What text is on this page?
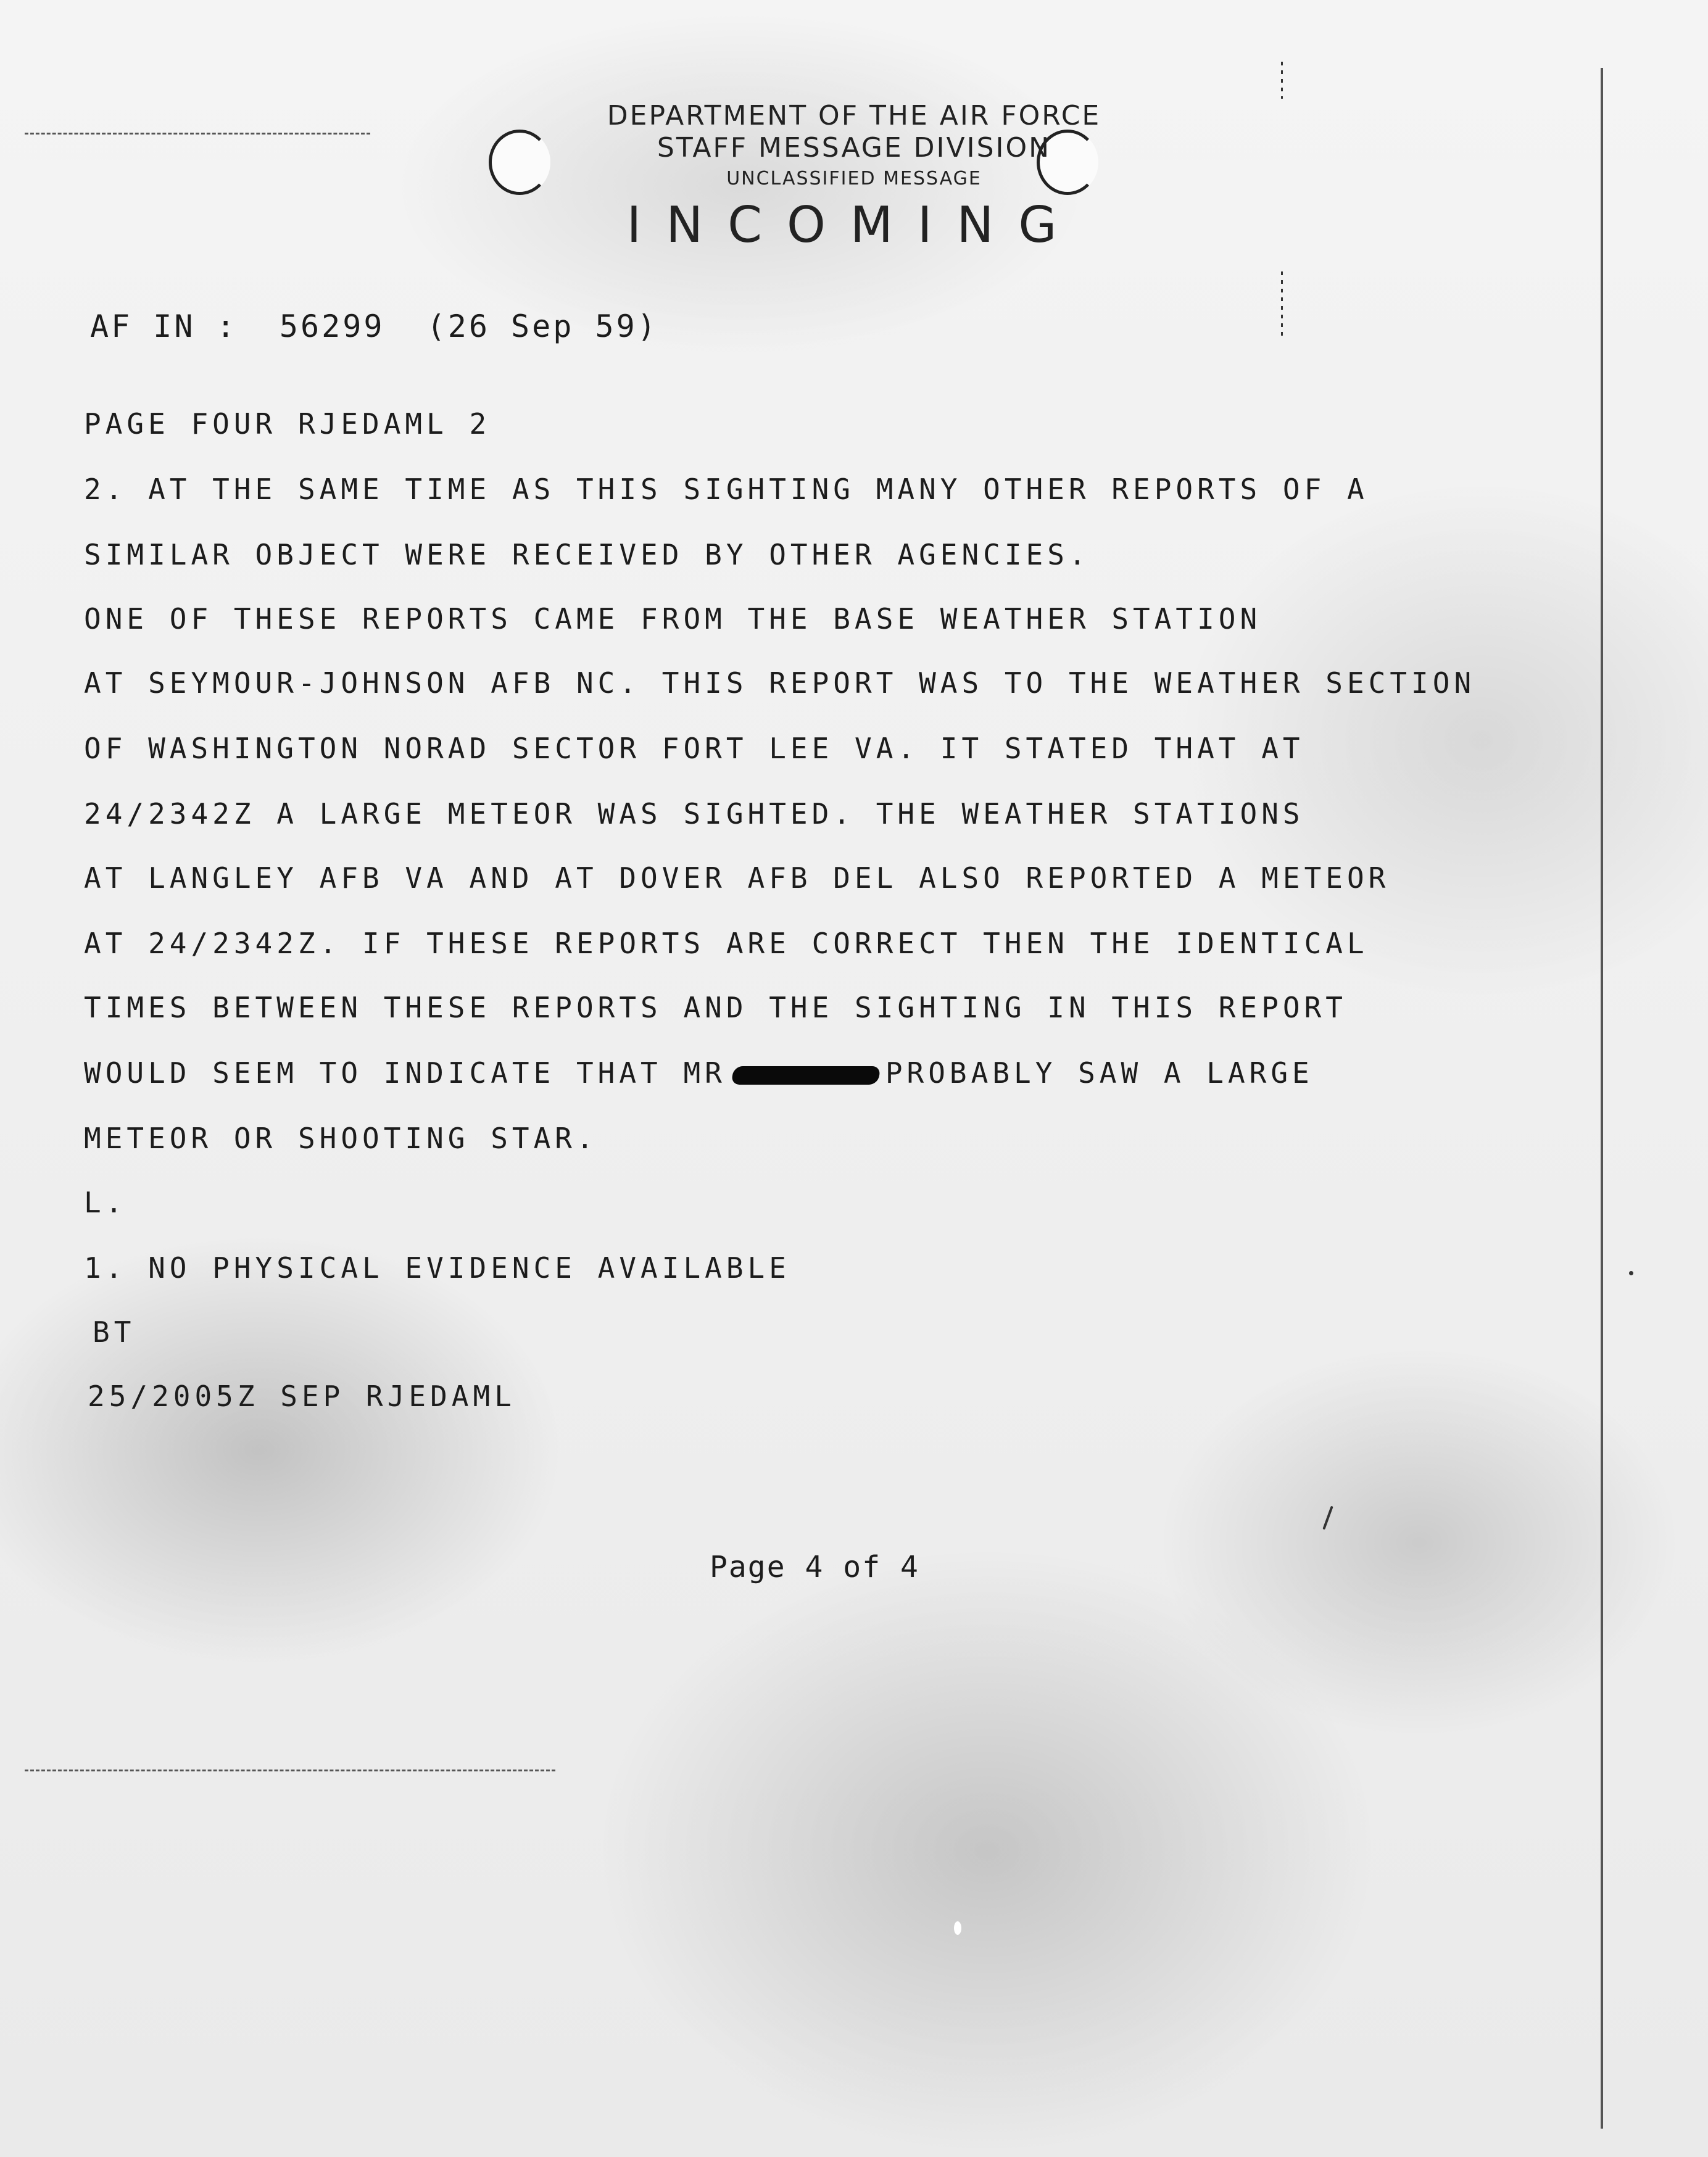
DEPARTMENT OF THE AIR FORCE
STAFF MESSAGE DIVISION
UNCLASSIFIED MESSAGE
INCOMING
AF IN :  56299  (26 Sep 59)
PAGE FOUR RJEDAML 2
2. AT THE SAME TIME AS THIS SIGHTING MANY OTHER REPORTS OF A
SIMILAR OBJECT WERE RECEIVED BY OTHER AGENCIES.
ONE OF THESE REPORTS CAME FROM THE BASE WEATHER STATION
AT SEYMOUR-JOHNSON AFB NC. THIS REPORT WAS TO THE WEATHER SECTION
OF WASHINGTON NORAD SECTOR FORT LEE VA. IT STATED THAT AT
24/2342Z A LARGE METEOR WAS SIGHTED. THE WEATHER STATIONS
AT LANGLEY AFB VA AND AT DOVER AFB DEL ALSO REPORTED A METEOR
AT 24/2342Z. IF THESE REPORTS ARE CORRECT THEN THE IDENTICAL
TIMES BETWEEN THESE REPORTS AND THE SIGHTING IN THIS REPORT
WOULD SEEM TO INDICATE THAT MR	PROBABLY SAW A LARGE
METEOR OR SHOOTING STAR.
L.
1. NO PHYSICAL EVIDENCE AVAILABLE
BT
25/2005Z SEP RJEDAML
Page 4 of 4
